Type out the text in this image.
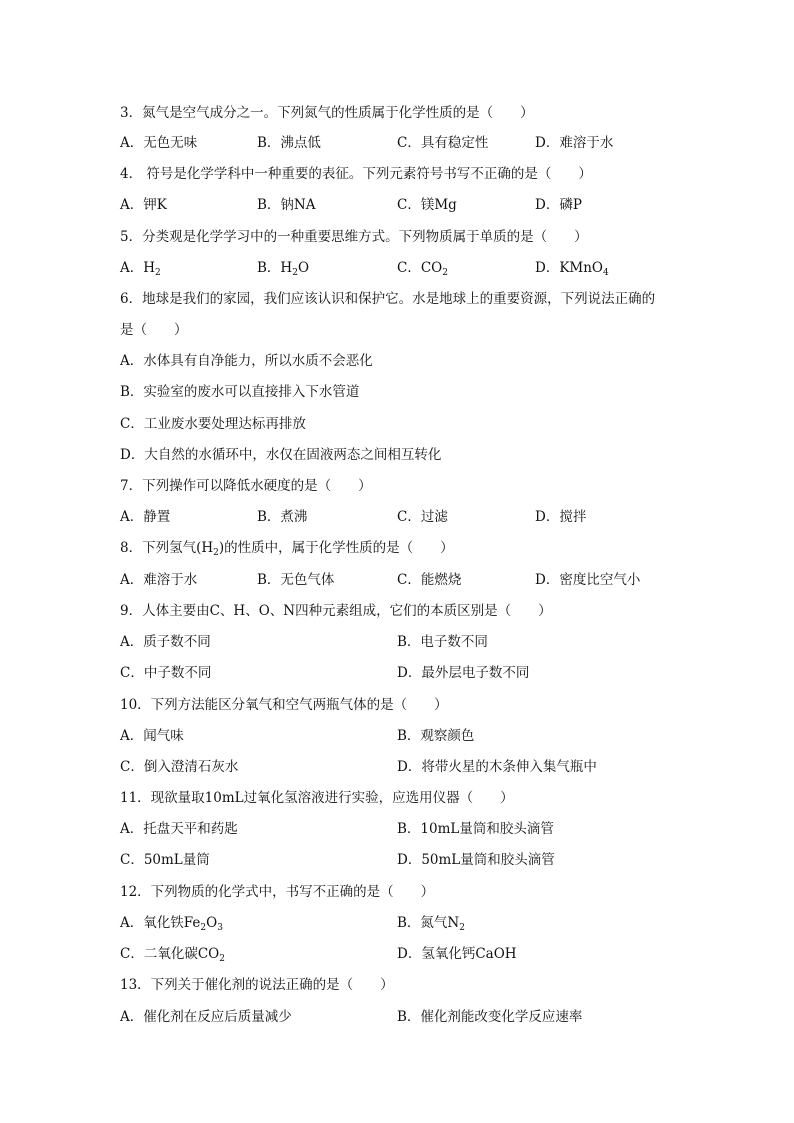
3．氮气是空气成分之一。下列氮气的性质属于化学性质的是（　　）
A．无色无味	B．沸点低	C．具有稳定性	D．难溶于水
4． 符号是化学学科中一种重要的表征。下列元素符号书写不正确的是（　　）
A．钾K	B．钠NA	C．镁Mg	D．磷P
5．分类观是化学学习中的一种重要思维方式。下列物质属于单质的是（　　）
A．$H_2$	B．$H_2O$	C．$CO_2$	D．KMnO$_4$
6．地球是我们的家园，我们应该认识和保护它。水是地球上的重要资源，下列说法正确的
是（　　）
A．水体具有自净能力，所以水质不会恶化
B．实验室的废水可以直接排入下水管道
C．工业废水要处理达标再排放
D．大自然的水循环中，水仅在固液两态之间相互转化
7．下列操作可以降低水硬度的是（　　）
A．静置	B．煮沸	C．过滤	D．搅拌
8．下列氢气$(H_2)$的性质中，属于化学性质的是（　　）
A．难溶于水	B．无色气体	C．能燃烧	D．密度比空气小
9．人体主要由C、H、O、N四种元素组成，它们的本质区别是（　　）
A．质子数不同	B．电子数不同
C．中子数不同	D．最外层电子数不同
10．下列方法能区分氧气和空气两瓶气体的是（　　）
A．闻气味	B．观察颜色
C．倒入澄清石灰水	D．将带火星的木条伸入集气瓶中
11．现欲量取10mL过氧化氢溶液进行实验，应选用仪器（　　）
A．托盘天平和药匙	B．10mL量筒和胶头滴管
C．50mL量筒	D．50mL量筒和胶头滴管
12．下列物质的化学式中，书写不正确的是（　　）
A．氧化铁$Fe_2O_3$	B．氮气$N_2$
C．二氧化碳$CO_2$	D．氢氧化钙CaOH
13．下列关于催化剂的说法正确的是（　　）
A．催化剂在反应后质量减少	B．催化剂能改变化学反应速率
